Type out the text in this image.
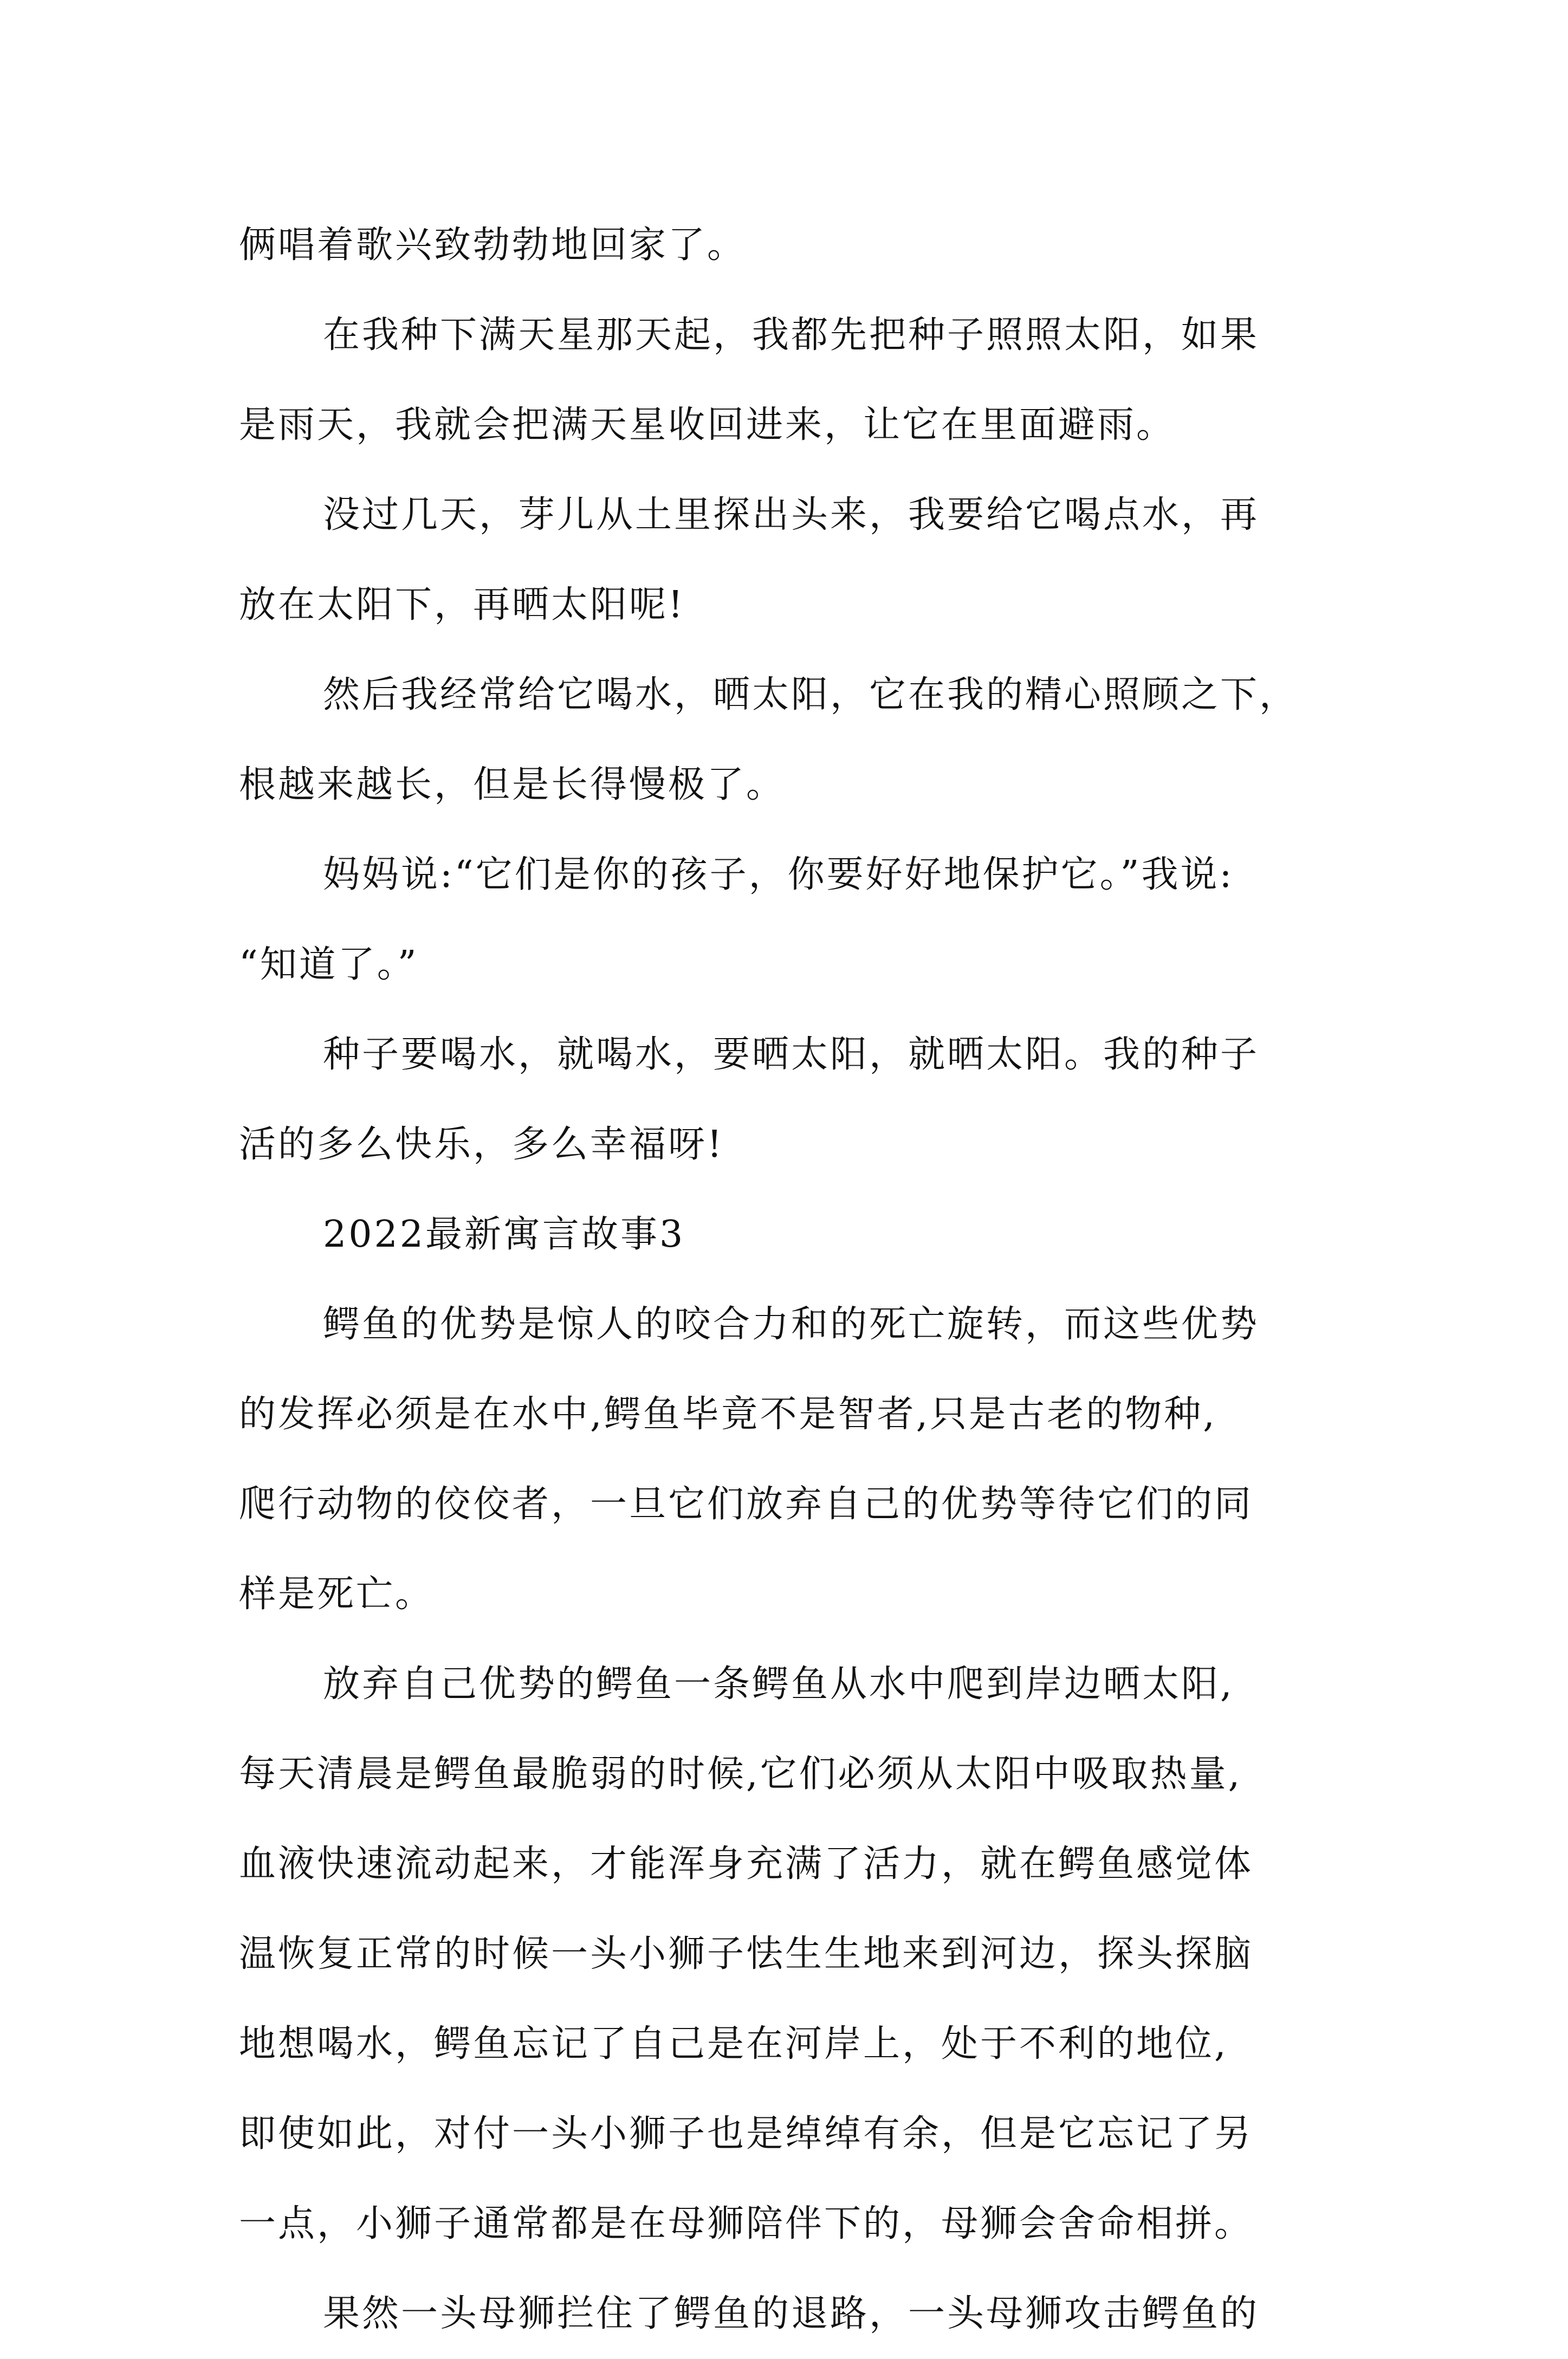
俩唱着歌兴致勃勃地回家了。
在我种下满天星那天起，我都先把种子照照太阳，如果
是雨天，我就会把满天星收回进来，让它在里面避雨。
没过几天，芽儿从土里探出头来，我要给它喝点水，再
放在太阳下，再晒太阳呢!
然后我经常给它喝水，晒太阳，它在我的精心照顾之下，
根越来越长，但是长得慢极了。
妈妈说:“它们是你的孩子，你要好好地保护它。”我说:
“知道了。”
种子要喝水，就喝水，要晒太阳，就晒太阳。我的种子
活的多么快乐，多么幸福呀!
2022最新寓言故事3
鳄鱼的优势是惊人的咬合力和的死亡旋转，而这些优势
的发挥必须是在水中,鳄鱼毕竟不是智者,只是古老的物种,
爬行动物的佼佼者，一旦它们放弃自己的优势等待它们的同
样是死亡。
放弃自己优势的鳄鱼一条鳄鱼从水中爬到岸边晒太阳,
每天清晨是鳄鱼最脆弱的时候,它们必须从太阳中吸取热量,
血液快速流动起来，才能浑身充满了活力，就在鳄鱼感觉体
温恢复正常的时候一头小狮子怯生生地来到河边，探头探脑
地想喝水，鳄鱼忘记了自己是在河岸上，处于不利的地位,
即使如此，对付一头小狮子也是绰绰有余，但是它忘记了另
一点，小狮子通常都是在母狮陪伴下的，母狮会舍命相拼。
果然一头母狮拦住了鳄鱼的退路，一头母狮攻击鳄鱼的
